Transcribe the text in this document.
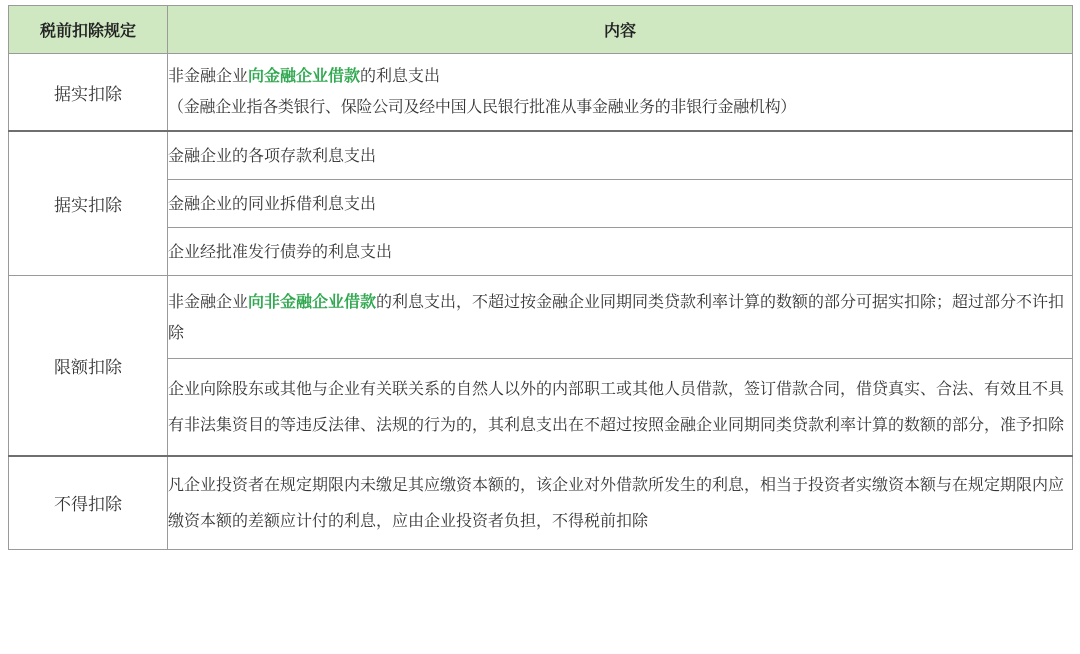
税前扣除规定	内容
据实扣除	非金融企业向金融企业借款的利息支出
	（金融企业指各类银行、保险公司及经中国人民银行批准从事金融业务的非银行金融机构）
据实扣除	金融企业的各项存款利息支出
	金融企业的同业拆借利息支出
	企业经批准发行债券的利息支出
限额扣除	非金融企业向非金融企业借款的利息支出，不超过按金融企业同期同类贷款利率计算的数额的部分可据实扣除；超过部分不许扣除
	企业向除股东或其他与企业有关联关系的自然人以外的内部职工或其他人员借款，签订借款合同，借贷真实、合法、有效且不具有非法集资目的等违反法律、法规的行为的，其利息支出在不超过按照金融企业同期同类贷款利率计算的数额的部分，准予扣除
不得扣除	凡企业投资者在规定期限内未缴足其应缴资本额的，该企业对外借款所发生的利息，相当于投资者实缴资本额与在规定期限内应缴资本额的差额应计付的利息，应由企业投资者负担，不得税前扣除
